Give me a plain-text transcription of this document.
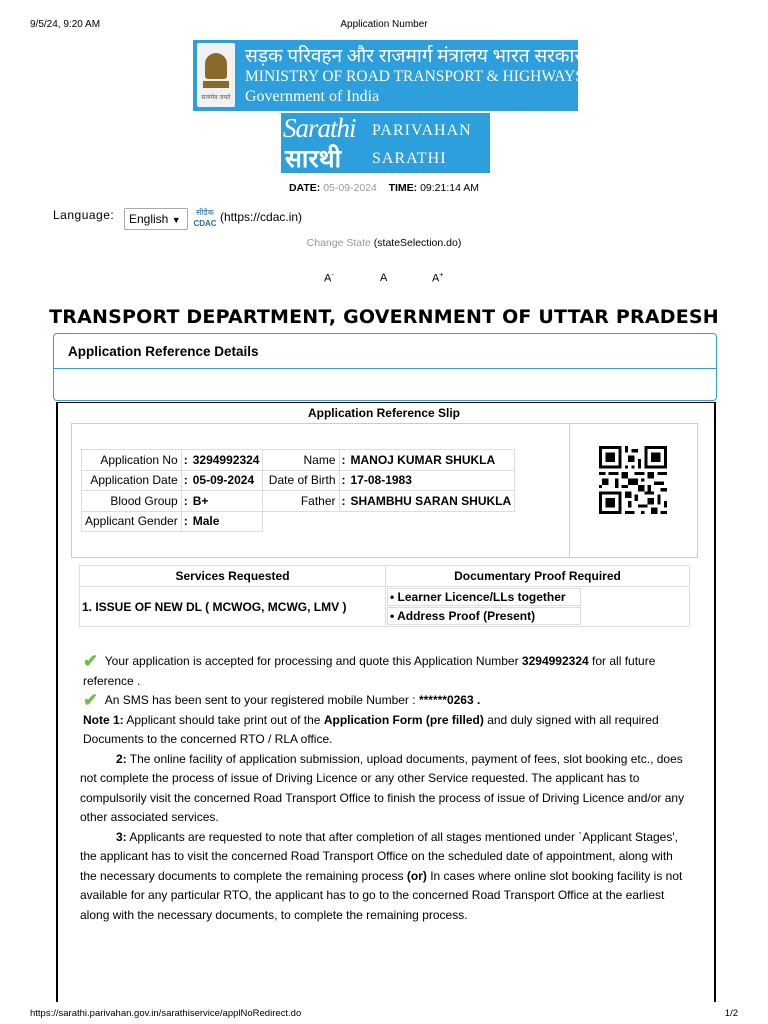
9/5/24, 9:20 AM	Application Number
सत्यमेव जयते
सड़क परिवहन और राजमार्ग मंत्रालय भारत सरकार
MINISTRY OF ROAD TRANSPORT & HIGHWAYS
Government of India
Sarathi
सारथी
PARIVAHAN
SARATHI
DATE: 05-09-2024 TIME: 09:21:14 AM
Language:	English ▼
सीडैक
CDAC (https://cdac.in)
Change State (stateSelection.do)
A-	A	A+
TRANSPORT DEPARTMENT, GOVERNMENT OF UTTAR PRADESH
Application Reference Details
Application Reference Slip
Application No	:	3294992324	Name	:	MANOJ KUMAR SHUKLA
Application Date	:	05-09-2024	Date of Birth	:	17-08-1983
Blood Group	:	B+	Father	:	SHAMBHU SARAN SHUKLA
Applicant Gender	:	Male			
Services Requested	Documentary Proof Required
1. ISSUE OF NEW DL ( MCWOG, MCWG, LMV )	• Learner Licence/LLs together
• Address Proof (Present)

✔ Your application is accepted for processing and quote this Application Number 3294992324 for all future reference .

✔ An SMS has been sent to your registered mobile Number : ******0263 .

Note 1: Applicant should take print out of the Application Form (pre filled) and duly signed with all required Documents to the concerned RTO / RLA office.

2: The online facility of application submission, upload documents, payment of fees, slot booking etc., does not complete the process of issue of Driving Licence or any other Service requested. The applicant has to compulsorily visit the concerned Road Transport Office to finish the process of issue of Driving Licence and/or any other associated services.

3: Applicants are requested to note that after completion of all stages mentioned under `Applicant Stages', the applicant has to visit the concerned Road Transport Office on the scheduled date of appointment, along with the necessary documents to complete the remaining process (or) In cases where online slot booking facility is not available for any particular RTO, the applicant has to go to the concerned Road Transport Office at the earliest along with the necessary documents, to complete the remaining process.

https://sarathi.parivahan.gov.in/sarathiservice/applNoRedirect.do	1/2
